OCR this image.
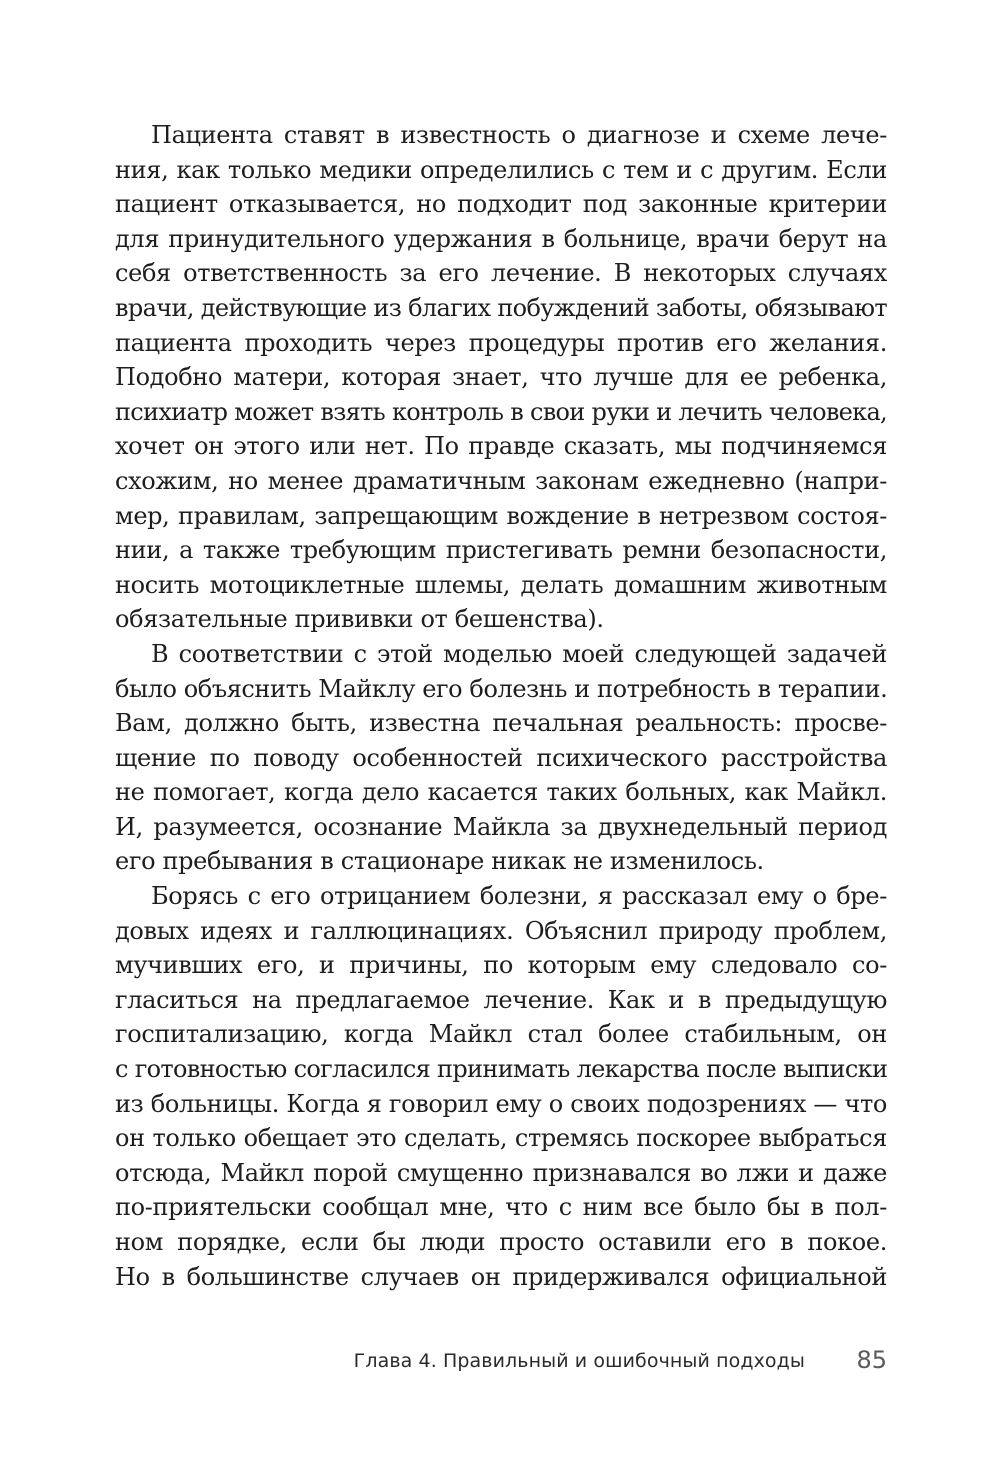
Пациента ставят в известность о диагнозе и схеме лече-
ния, как только медики определились с тем и с другим. Если
пациент отказывается, но подходит под законные критерии
для принудительного удержания в больнице, врачи берут на
себя ответственность за его лечение. В некоторых случаях
врачи, действующие из благих побуждений заботы, обязывают
пациента проходить через процедуры против его желания.
Подобно матери, которая знает, что лучше для ее ребенка,
психиатр может взять контроль в свои руки и лечить человека,
хочет он этого или нет. По правде сказать, мы подчиняемся
схожим, но менее драматичным законам ежедневно (напри-
мер, правилам, запрещающим вождение в нетрезвом состоя-
нии, а также требующим пристегивать ремни безопасности,
носить мотоциклетные шлемы, делать домашним животным
обязательные прививки от бешенства).
В соответствии с этой моделью моей следующей задачей
было объяснить Майклу его болезнь и потребность в терапии.
Вам, должно быть, известна печальная реальность: просве-
щение по поводу особенностей психического расстройства
не помогает, когда дело касается таких больных, как Майкл.
И, разумеется, осознание Майкла за двухнедельный период
его пребывания в стационаре никак не изменилось.
Борясь с его отрицанием болезни, я рассказал ему о бре-
довых идеях и галлюцинациях. Объяснил природу проблем,
мучивших его, и причины, по которым ему следовало со-
гласиться на предлагаемое лечение. Как и в предыдущую
госпитализацию, когда Майкл стал более стабильным, он
с готовностью согласился принимать лекарства после выписки
из больницы. Когда я говорил ему о своих подозрениях — что
он только обещает это сделать, стремясь поскорее выбраться
отсюда, Майкл порой смущенно признавался во лжи и даже
по-приятельски сообщал мне, что с ним все было бы в пол-
ном порядке, если бы люди просто оставили его в покое.
Но в большинстве случаев он придерживался официальной
Глава 4. Правильный и ошибочный подходы 85
